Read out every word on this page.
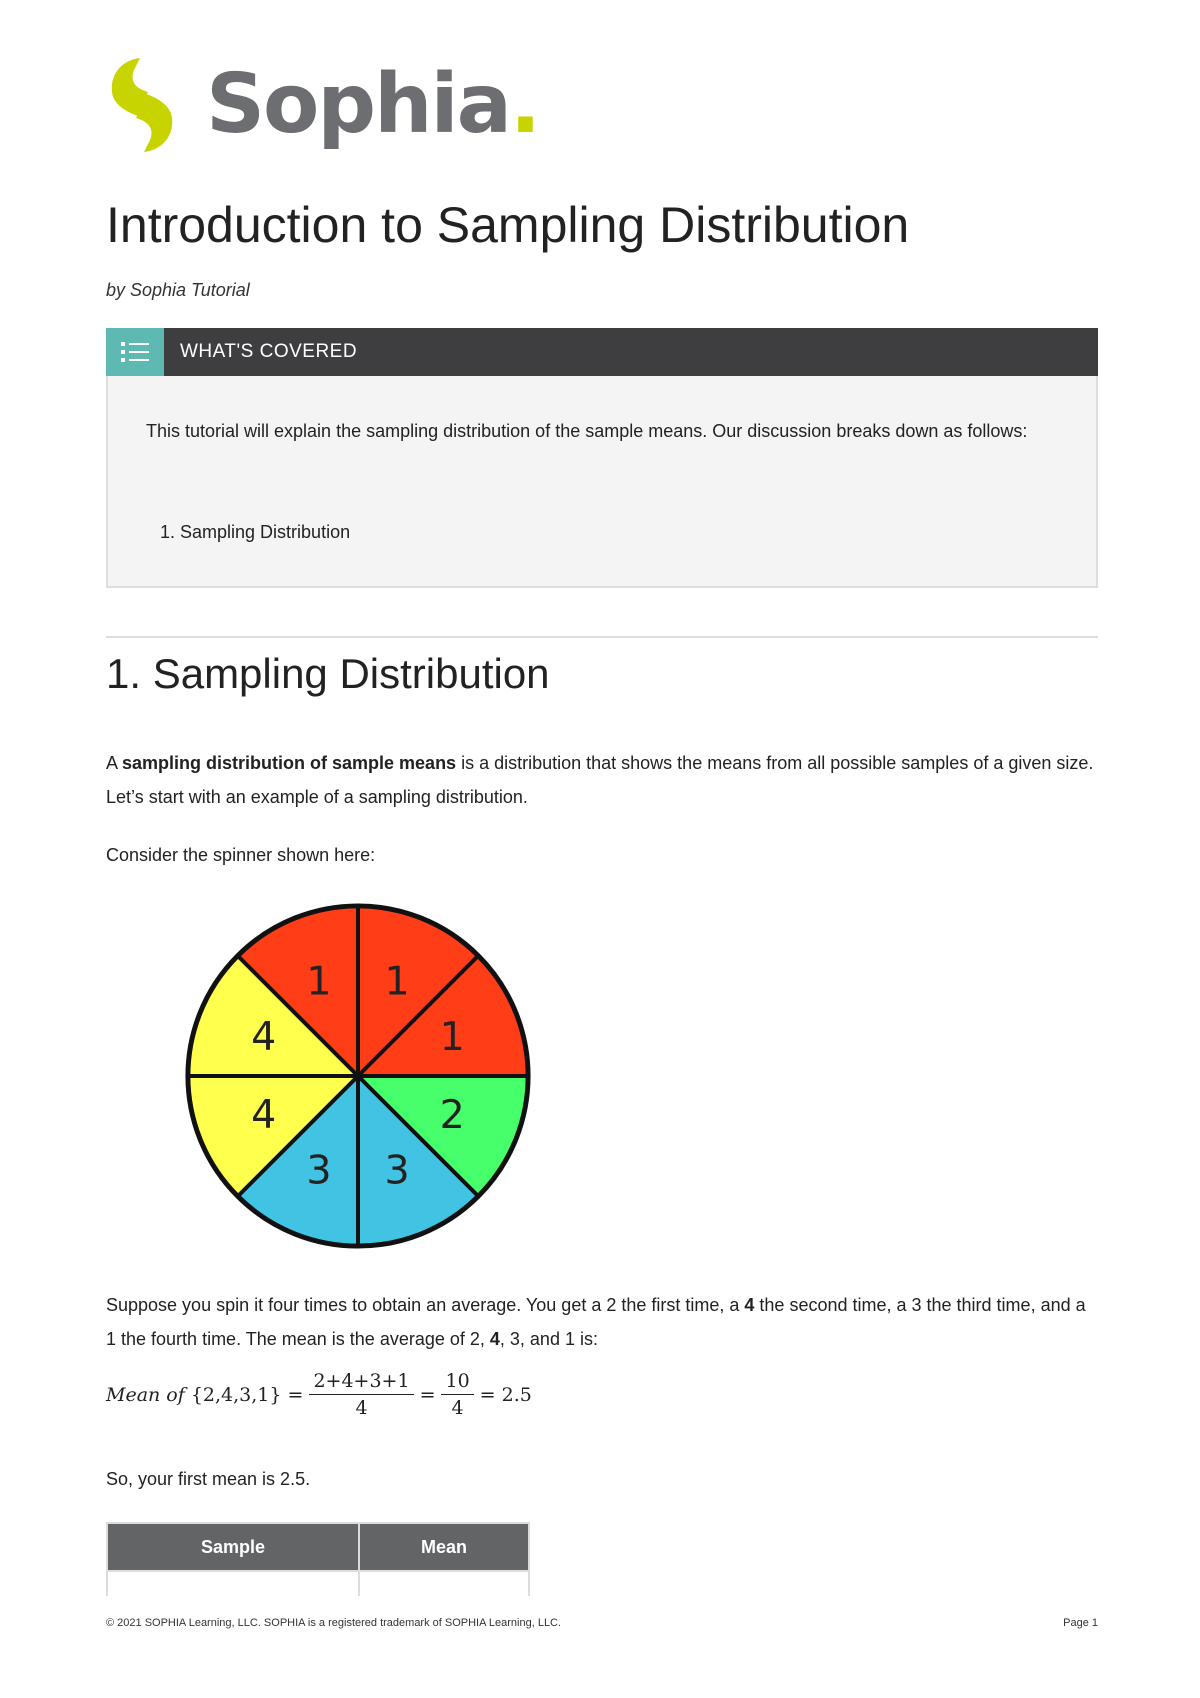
Sophia.
Introduction to Sampling Distribution
by Sophia Tutorial
WHAT'S COVERED

This tutorial will explain the sampling distribution of the sample means. Our discussion breaks down as follows:

1. Sampling Distribution
1. Sampling Distribution

A sampling distribution of sample means is a distribution that shows the means from all possible samples of a given size. Let’s start with an example of a sampling distribution.

Consider the spinner shown here:

1
1
2
3
3
4
4
1

Suppose you spin it four times to obtain an average. You get a 2 the first time, a 4 the second time, a 3 the third time, and a 1 the fourth time. The mean is the average of 2, 4, 3, and 1 is:

Mean of
$\{2,4,3,1\} = \frac{2+4+3+1}{4} = \frac{10}{4} = 2.5$

So, your first mean is 2.5.

Sample	Mean

© 2021 SOPHIA Learning, LLC. SOPHIA is a registered trademark of SOPHIA Learning, LLC.	Page 1
